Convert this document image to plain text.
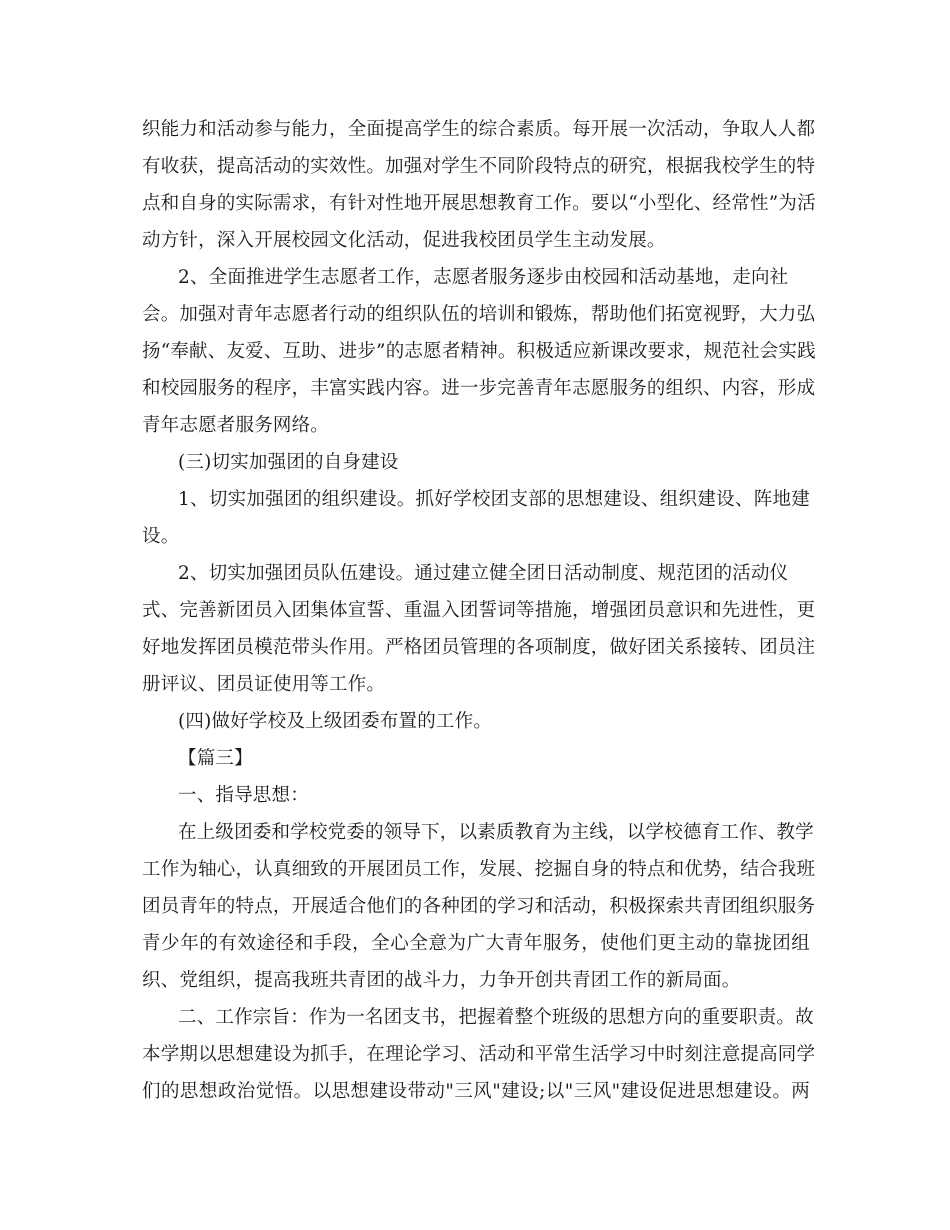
织能力和活动参与能力，全面提高学生的综合素质。每开展一次活动，争取人人都
有收获，提高活动的实效性。加强对学生不同阶段特点的研究，根据我校学生的特
点和自身的实际需求，有针对性地开展思想教育工作。要以“小型化、经常性”为活
动方针，深入开展校园文化活动，促进我校团员学生主动发展。
2、全面推进学生志愿者工作，志愿者服务逐步由校园和活动基地，走向社
会。加强对青年志愿者行动的组织队伍的培训和锻炼，帮助他们拓宽视野，大力弘
扬“奉献、友爱、互助、进步”的志愿者精神。积极适应新课改要求，规范社会实践
和校园服务的程序，丰富实践内容。进一步完善青年志愿服务的组织、内容，形成
青年志愿者服务网络。
(三)切实加强团的自身建设
1、切实加强团的组织建设。抓好学校团支部的思想建设、组织建设、阵地建
设。
2、切实加强团员队伍建设。通过建立健全团日活动制度、规范团的活动仪
式、完善新团员入团集体宣誓、重温入团誓词等措施，增强团员意识和先进性，更
好地发挥团员模范带头作用。严格团员管理的各项制度，做好团关系接转、团员注
册评议、团员证使用等工作。
(四)做好学校及上级团委布置的工作。
【篇三】
一、指导思想：
在上级团委和学校党委的领导下，以素质教育为主线，以学校德育工作、教学
工作为轴心，认真细致的开展团员工作，发展、挖掘自身的特点和优势，结合我班
团员青年的特点，开展适合他们的各种团的学习和活动，积极探索共青团组织服务
青少年的有效途径和手段，全心全意为广大青年服务，使他们更主动的靠拢团组
织、党组织，提高我班共青团的战斗力，力争开创共青团工作的新局面。
二、工作宗旨：作为一名团支书，把握着整个班级的思想方向的重要职责。故
本学期以思想建设为抓手，在理论学习、活动和平常生活学习中时刻注意提高同学
们的思想政治觉悟。以思想建设带动"三风"建设;以"三风"建设促进思想建设。两
